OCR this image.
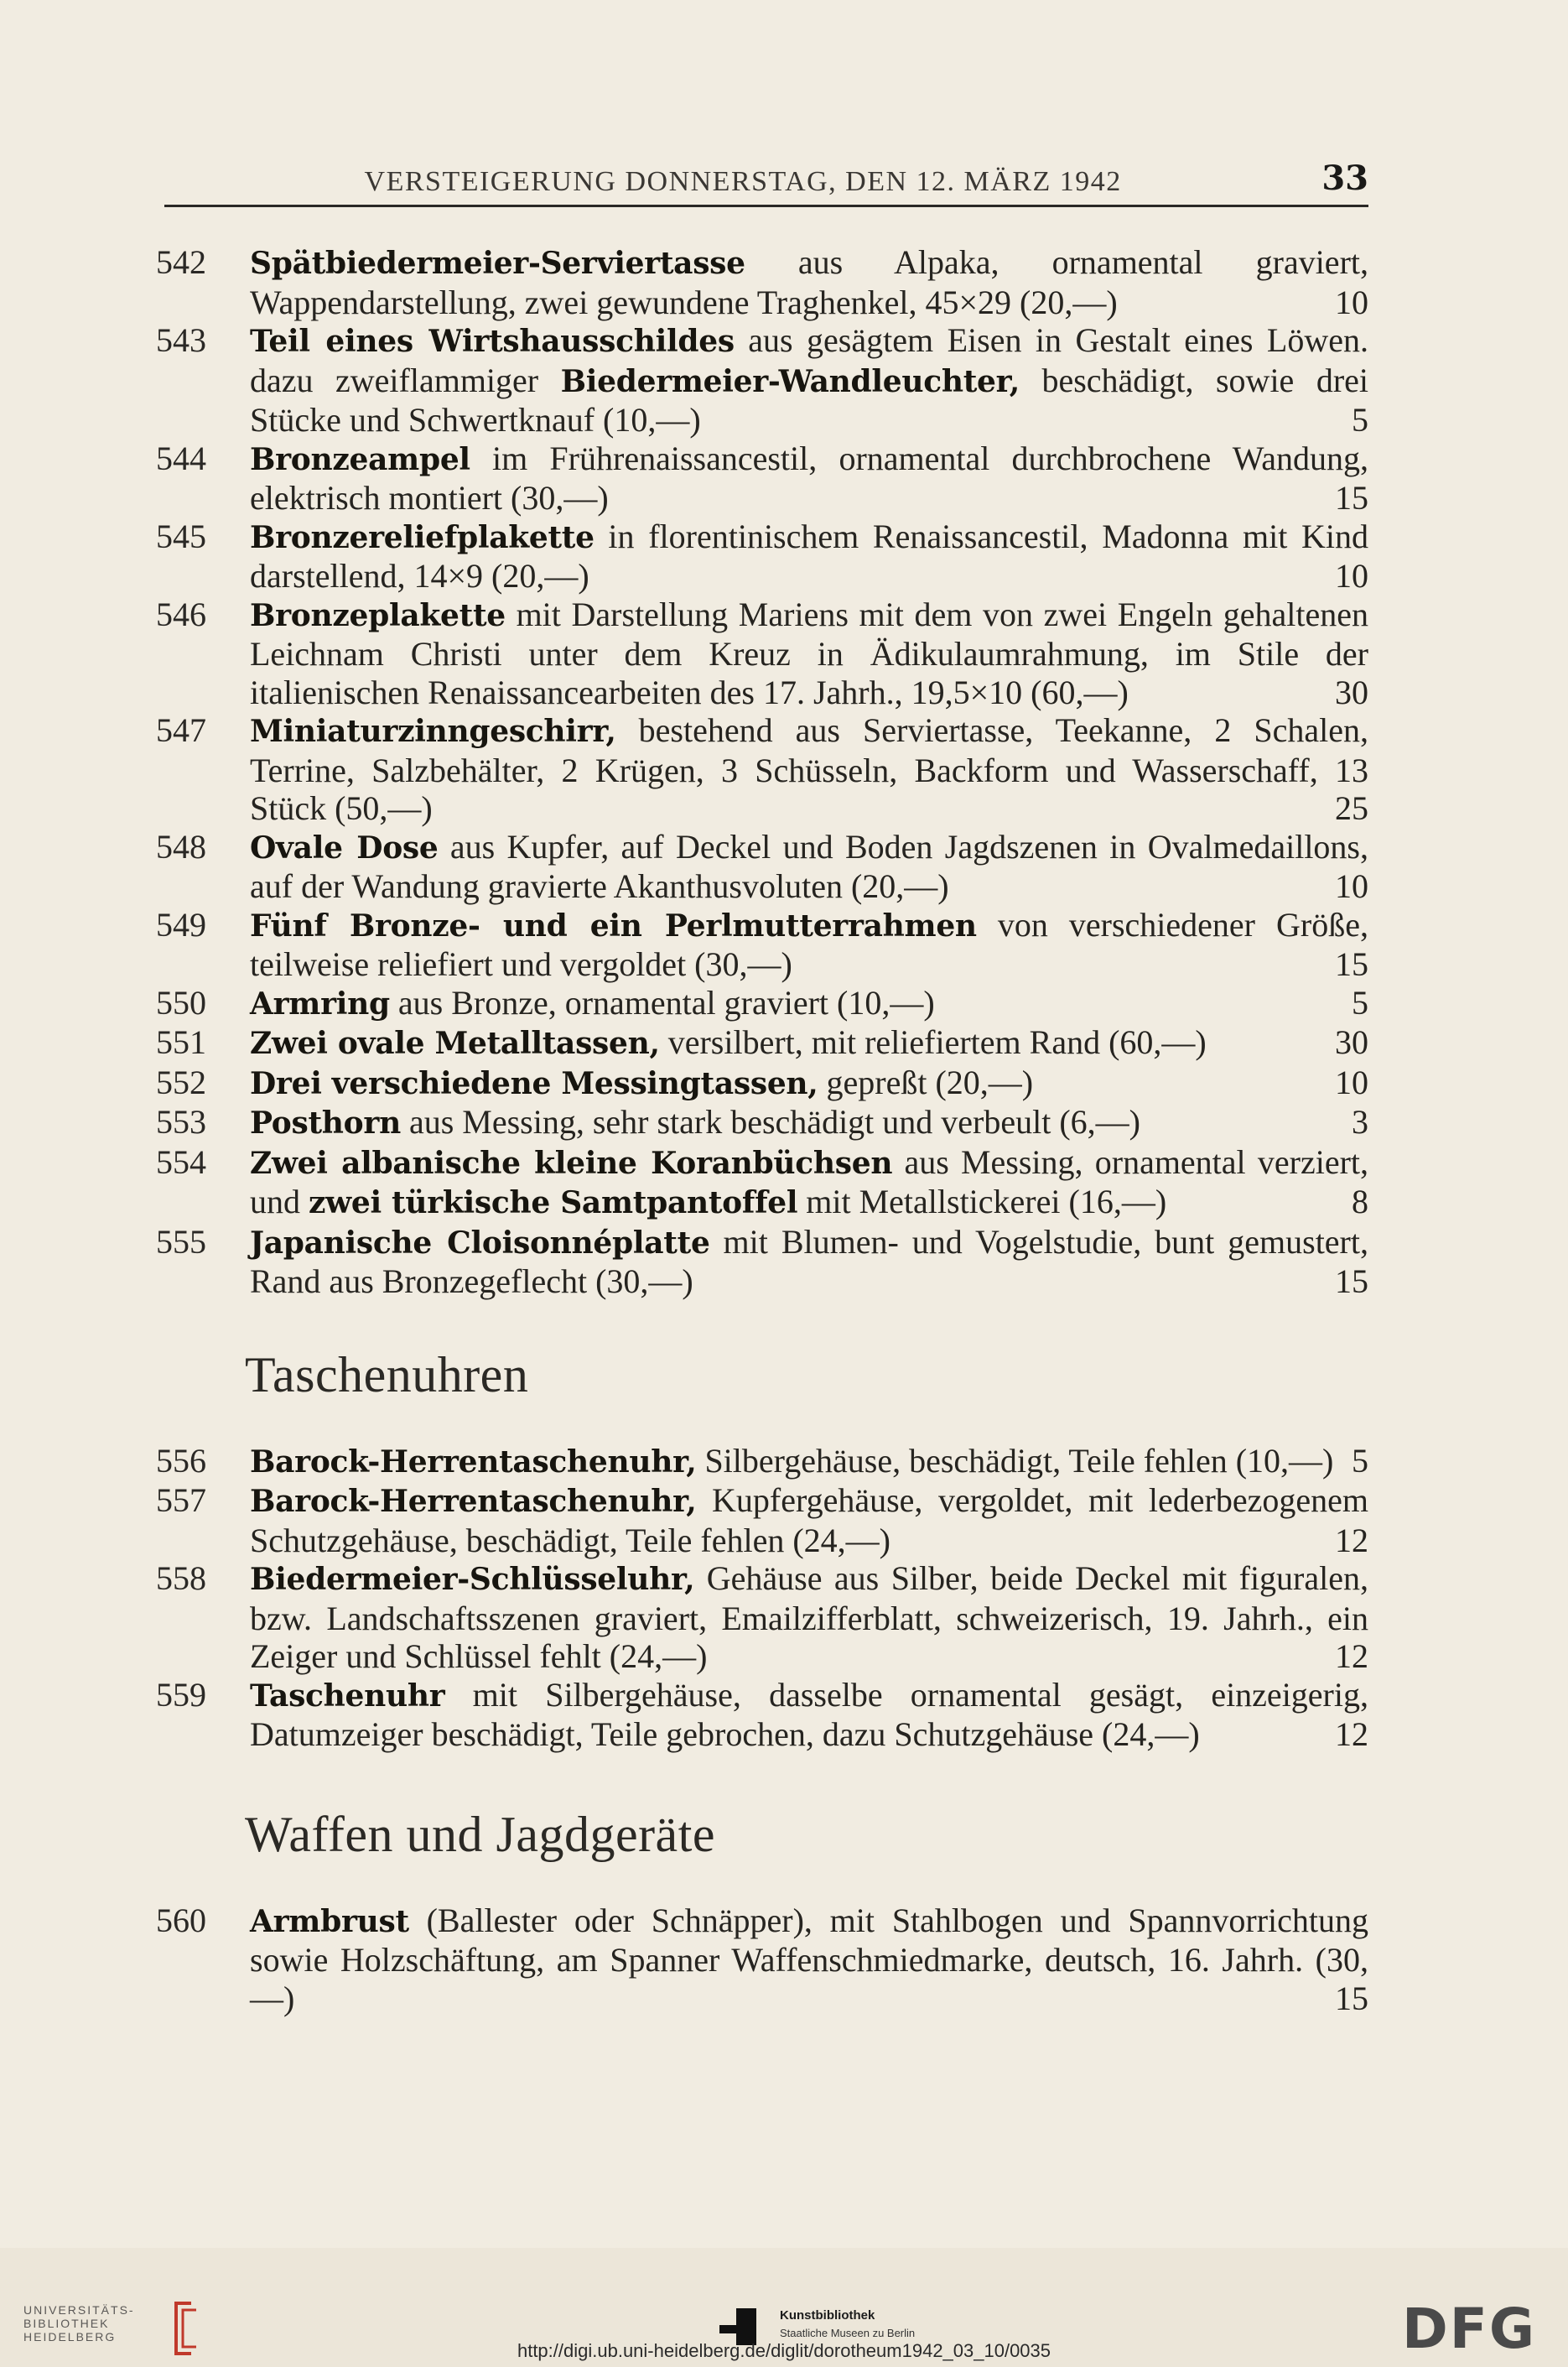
VERSTEIGERUNG DONNERSTAG, DEN 12. MÄRZ 1942	33
542	Spätbiedermeier-Serviertasse aus Alpaka, ornamental graviert, Wappendarstellung, zwei gewundene Traghenkel, 45×29 (20,—)	10
543	Teil eines Wirtshausschildes aus gesägtem Eisen in Gestalt eines Löwen. dazu zweiflammiger Biedermeier-Wandleuchter, beschädigt, sowie drei Stücke und Schwertknauf (10,—)	5
544	Bronzeampel im Frührenaissancestil, ornamental durchbrochene Wandung, elektrisch montiert (30,—)	15
545	Bronzereliefplakette in florentinischem Renaissancestil, Madonna mit Kind darstellend, 14×9 (20,—)	10
546	Bronzeplakette mit Darstellung Mariens mit dem von zwei Engeln gehaltenen Leichnam Christi unter dem Kreuz in Ädikulaumrahmung, im Stile der italienischen Renaissancearbeiten des 17. Jahrh., 19,5×10 (60,—)	30
547	Miniaturzinngeschirr, bestehend aus Serviertasse, Teekanne, 2 Schalen, Terrine, Salzbehälter, 2 Krügen, 3 Schüsseln, Backform und Wasserschaff, 13 Stück (50,—)	25
548	Ovale Dose aus Kupfer, auf Deckel und Boden Jagdszenen in Ovalmedaillons, auf der Wandung gravierte Akanthusvoluten (20,—)	10
549	Fünf Bronze- und ein Perlmutterrahmen von verschiedener Größe, teilweise reliefiert und vergoldet (30,—)	15
550	Armring aus Bronze, ornamental graviert (10,—)	5
551	Zwei ovale Metalltassen, versilbert, mit reliefiertem Rand (60,—)	30
552	Drei verschiedene Messingtassen, gepreßt (20,—)	10
553	Posthorn aus Messing, sehr stark beschädigt und verbeult (6,—)	3
554	Zwei albanische kleine Koranbüchsen aus Messing, ornamental verziert, und zwei türkische Samtpantoffel mit Metallstickerei (16,—)	8
555	Japanische Cloisonnéplatte mit Blumen- und Vogelstudie, bunt gemustert, Rand aus Bronzegeflecht (30,—)	15
Taschenuhren
556	Barock-Herrentaschenuhr, Silbergehäuse, beschädigt, Teile fehlen (10,—) 5
557	Barock-Herrentaschenuhr, Kupfergehäuse, vergoldet, mit lederbezogenem Schutzgehäuse, beschädigt, Teile fehlen (24,—)	12
558	Biedermeier-Schlüsseluhr, Gehäuse aus Silber, beide Deckel mit figuralen, bzw. Landschaftsszenen graviert, Emailzifferblatt, schweizerisch, 19. Jahrh., ein Zeiger und Schlüssel fehlt (24,—)	12
559	Taschenuhr mit Silbergehäuse, dasselbe ornamental gesägt, einzeigerig, Datumzeiger beschädigt, Teile gebrochen, dazu Schutzgehäuse (24,—)	12
Waffen und Jagdgeräte
560	Armbrust (Ballester oder Schnäpper), mit Stahlbogen und Spannvorrichtung sowie Holzschäftung, am Spanner Waffenschmiedmarke, deutsch, 16. Jahrh. (30,—)	15
UNIVERSITÄTS-
BIBLIOTHEK
HEIDELBERG
Kunstbibliothek
Staatliche Museen zu Berlin	DFG
http://digi.ub.uni-heidelberg.de/diglit/dorotheum1942_03_10/0035
